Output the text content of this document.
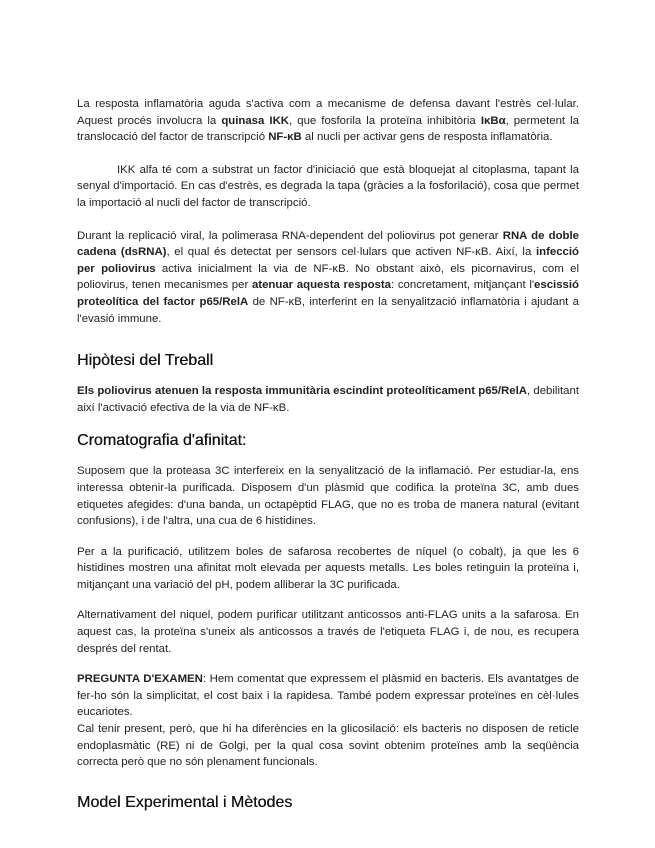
La resposta inflamatòria aguda s'activa com a mecanisme de defensa davant l'estrès cel·lular. Aquest procés involucra la quinasa IKK, que fosforila la proteïna inhibitòria IκBα, permetent la translocació del factor de transcripció NF-κB al nucli per activar gens de resposta inflamatòria.

IKK alfa té com a substrat un factor d'iniciació que està bloquejat al citoplasma, tapant la senyal d'importació. En cas d'estrès, es degrada la tapa (gràcies a la fosforilació), cosa que permet la importació al nucli del factor de transcripció.

Durant la replicació viral, la polimerasa RNA-dependent del poliovirus pot generar RNA de doble cadena (dsRNA), el qual és detectat per sensors cel·lulars que activen NF-κB. Així, la infecció per poliovirus activa inicialment la via de NF-κB. No obstant això, els picornavirus, com el poliovirus, tenen mecanismes per atenuar aquesta resposta: concretament, mitjançant l'escissió proteolítica del factor p65/RelA de NF-κB, interferint en la senyalització inflamatòria i ajudant a l'evasió immune.

Hipòtesi del Treball

Els poliovirus atenuen la resposta immunitària escindint proteolíticament p65/RelA, debilitant així l'activació efectiva de la via de NF-κB.

Cromatografia d'afinitat:

Suposem que la proteasa 3C interfereix en la senyalització de la inflamació. Per estudiar-la, ens interessa obtenir-la purificada. Disposem d'un plàsmid que codifica la proteïna 3C, amb dues etiquetes afegides: d'una banda, un octapèptid FLAG, que no es troba de manera natural (evitant confusions), i de l'altra, una cua de 6 histidines.

Per a la purificació, utilitzem boles de safarosa recobertes de níquel (o cobalt), ja que les 6 histidines mostren una afinitat molt elevada per aquests metalls. Les boles retinguin la proteïna i, mitjançant una variació del pH, podem alliberar la 3C purificada.

Alternativament del niquel, podem purificar utilitzant anticossos anti-FLAG units a la safarosa. En aquest cas, la proteïna s'uneix als anticossos a través de l'etiqueta FLAG i, de nou, es recupera després del rentat.

PREGUNTA D'EXAMEN: Hem comentat que expressem el plàsmid en bacteris. Els avantatges de fer-ho són la simplicitat, el cost baix i la rapidesa. També podem expressar proteïnes en cèl·lules eucariotes.

Cal tenir present, però, que hi ha diferències en la glicosilació: els bacteris no disposen de reticle endoplasmàtic (RE) ni de Golgi, per la qual cosa sovint obtenim proteïnes amb la seqüència correcta però que no són plenament funcionals.

Model Experimental i Mètodes
